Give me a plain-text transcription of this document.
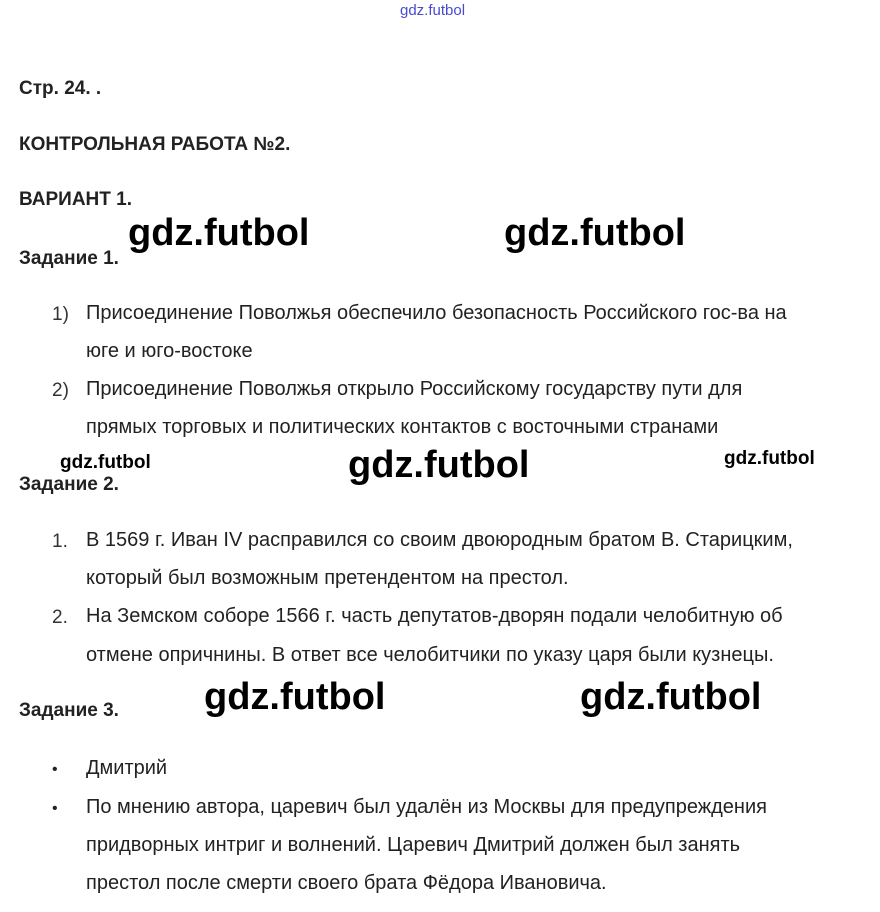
gdz.futbol
Стр. 24. .
КОНТРОЛЬНАЯ РАБОТА №2.
ВАРИАНТ 1.
Задание 1.
1) Присоединение Поволжья обеспечило безопасность Российского гос-ва на
юге и юго-востоке
2) Присоединение Поволжья открыло Российскому государству пути для
прямых торговых и политических контактов с восточными странами
Задание 2.
1. В 1569 г. Иван IV расправился со своим двоюродным братом В. Старицким,
который был возможным претендентом на престол.
2. На Земском соборе 1566 г. часть депутатов-дворян подали челобитную об
отмене опричнины. В ответ все челобитчики по указу царя были кузнецы.
Задание 3.
• Дмитрий
• По мнению автора, царевич был удалён из Москвы для предупреждения
придворных интриг и волнений. Царевич Дмитрий должен был занять
престол после смерти своего брата Фёдора Ивановича.
gdz.futbol	gdz.futbol
gdz.futbol	gdz.futbol	gdz.futbol
gdz.futbol	gdz.futbol
